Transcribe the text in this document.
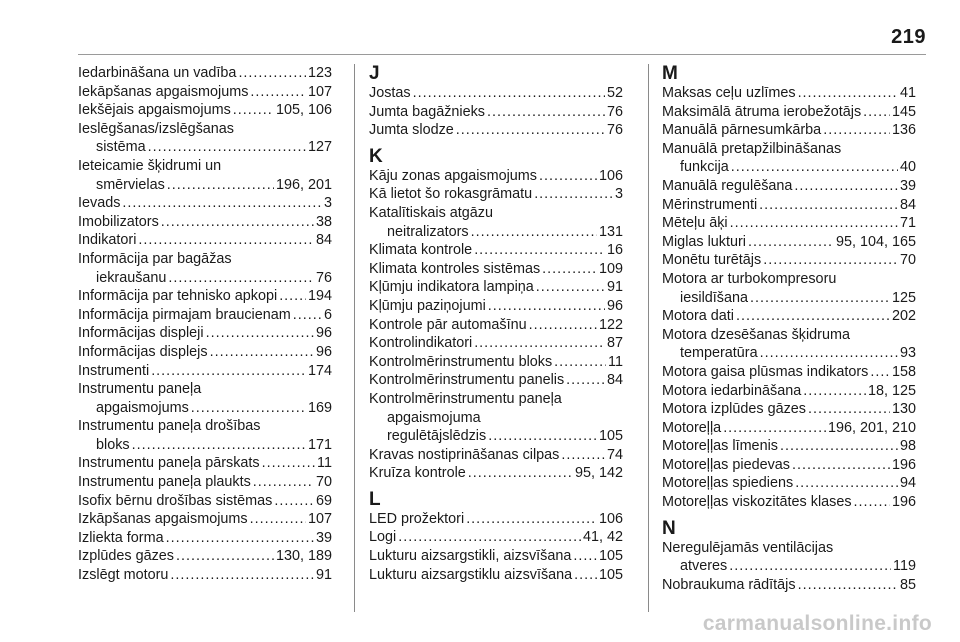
219
Iedarbināšana un vadība .....	123
Iekāpšanas apgaismojums .....	107
Iekšējais apgaismojums .....	105, 106
Ieslēgšanas/izslēgšanas
sistēma .....	127
Ieteicamie šķidrumi un
smērvielas .....	196, 201
Ievads .....	3
Imobilizators .....	38
Indikatori .....	84
Informācija par bagāžas
iekraušanu .....	76
Informācija par tehnisko apkopi ..... 194
Informācija pirmajam braucienam ..... 6
Informācijas displeji .....	96
Informācijas displejs .....	96
Instrumenti .....	174
Instrumentu paneļa
apgaismojums .....	169
Instrumentu paneļa drošības
bloks .....	171
Instrumentu paneļa pārskats .....	11
Instrumentu paneļa plaukts .....	70
Isofix bērnu drošības sistēmas .....	69
Izkāpšanas apgaismojums .....	107
Izliekta forma .....	39
Izplūdes gāzes .....	130, 189
Izslēgt motoru .....	91
J
Jostas .....	52
Jumta bagāžnieks .....	76
Jumta slodze .....	76
K
Kāju zonas apgaismojums .....	106
Kā lietot šo rokasgrāmatu .....	3
Katalītiskais atgāzu
neitralizators .....	131
Klimata kontrole .....	16
Klimata kontroles sistēmas .....	109
Kļūmju indikatora lampiņa .....	91
Kļūmju paziņojumi .....	96
Kontrole pār automašīnu .....	122
Kontrolindikatori .....	87
Kontrolmērinstrumentu bloks .....	11
Kontrolmērinstrumentu panelis .....	84
Kontrolmērinstrumentu paneļa
apgaismojuma
regulētājslēdzis .....	105
Kravas nostiprināšanas cilpas .....	74
Kruīza kontrole .....	95, 142
L
LED prožektori .....	106
Logi .....	41, 42
Lukturu aizsargstikli, aizsvīšana ..... 105
Lukturu aizsargstiklu aizsvīšana ..... 105
M
Maksas ceļu uzlīmes .....	41
Maksimālā ātruma ierobežotājs ..... 145
Manuālā pārnesumkārba .....	136
Manuālā pretapžilbināšanas
funkcija .....	40
Manuālā regulēšana .....	39
Mērinstrumenti .....	84
Mēteļu āķi .....	71
Miglas lukturi .....	95, 104, 165
Monētu turētājs .....	70
Motora ar turbokompresoru
iesildīšana .....	125
Motora dati .....	202
Motora dzesēšanas šķidruma
temperatūra .....	93
Motora gaisa plūsmas indikators ..... 158
Motora iedarbināšana .....	18, 125
Motora izplūdes gāzes .....	130
Motoreļļa .....	196, 201, 210
Motoreļļas līmenis .....	98
Motoreļļas piedevas .....	196
Motoreļļas spiediens .....	94
Motoreļļas viskozitātes klases .....	196
N
Neregulējamās ventilācijas
atveres .....	119
Nobraukuma rādītājs .....	85
carmanualsonline.info
